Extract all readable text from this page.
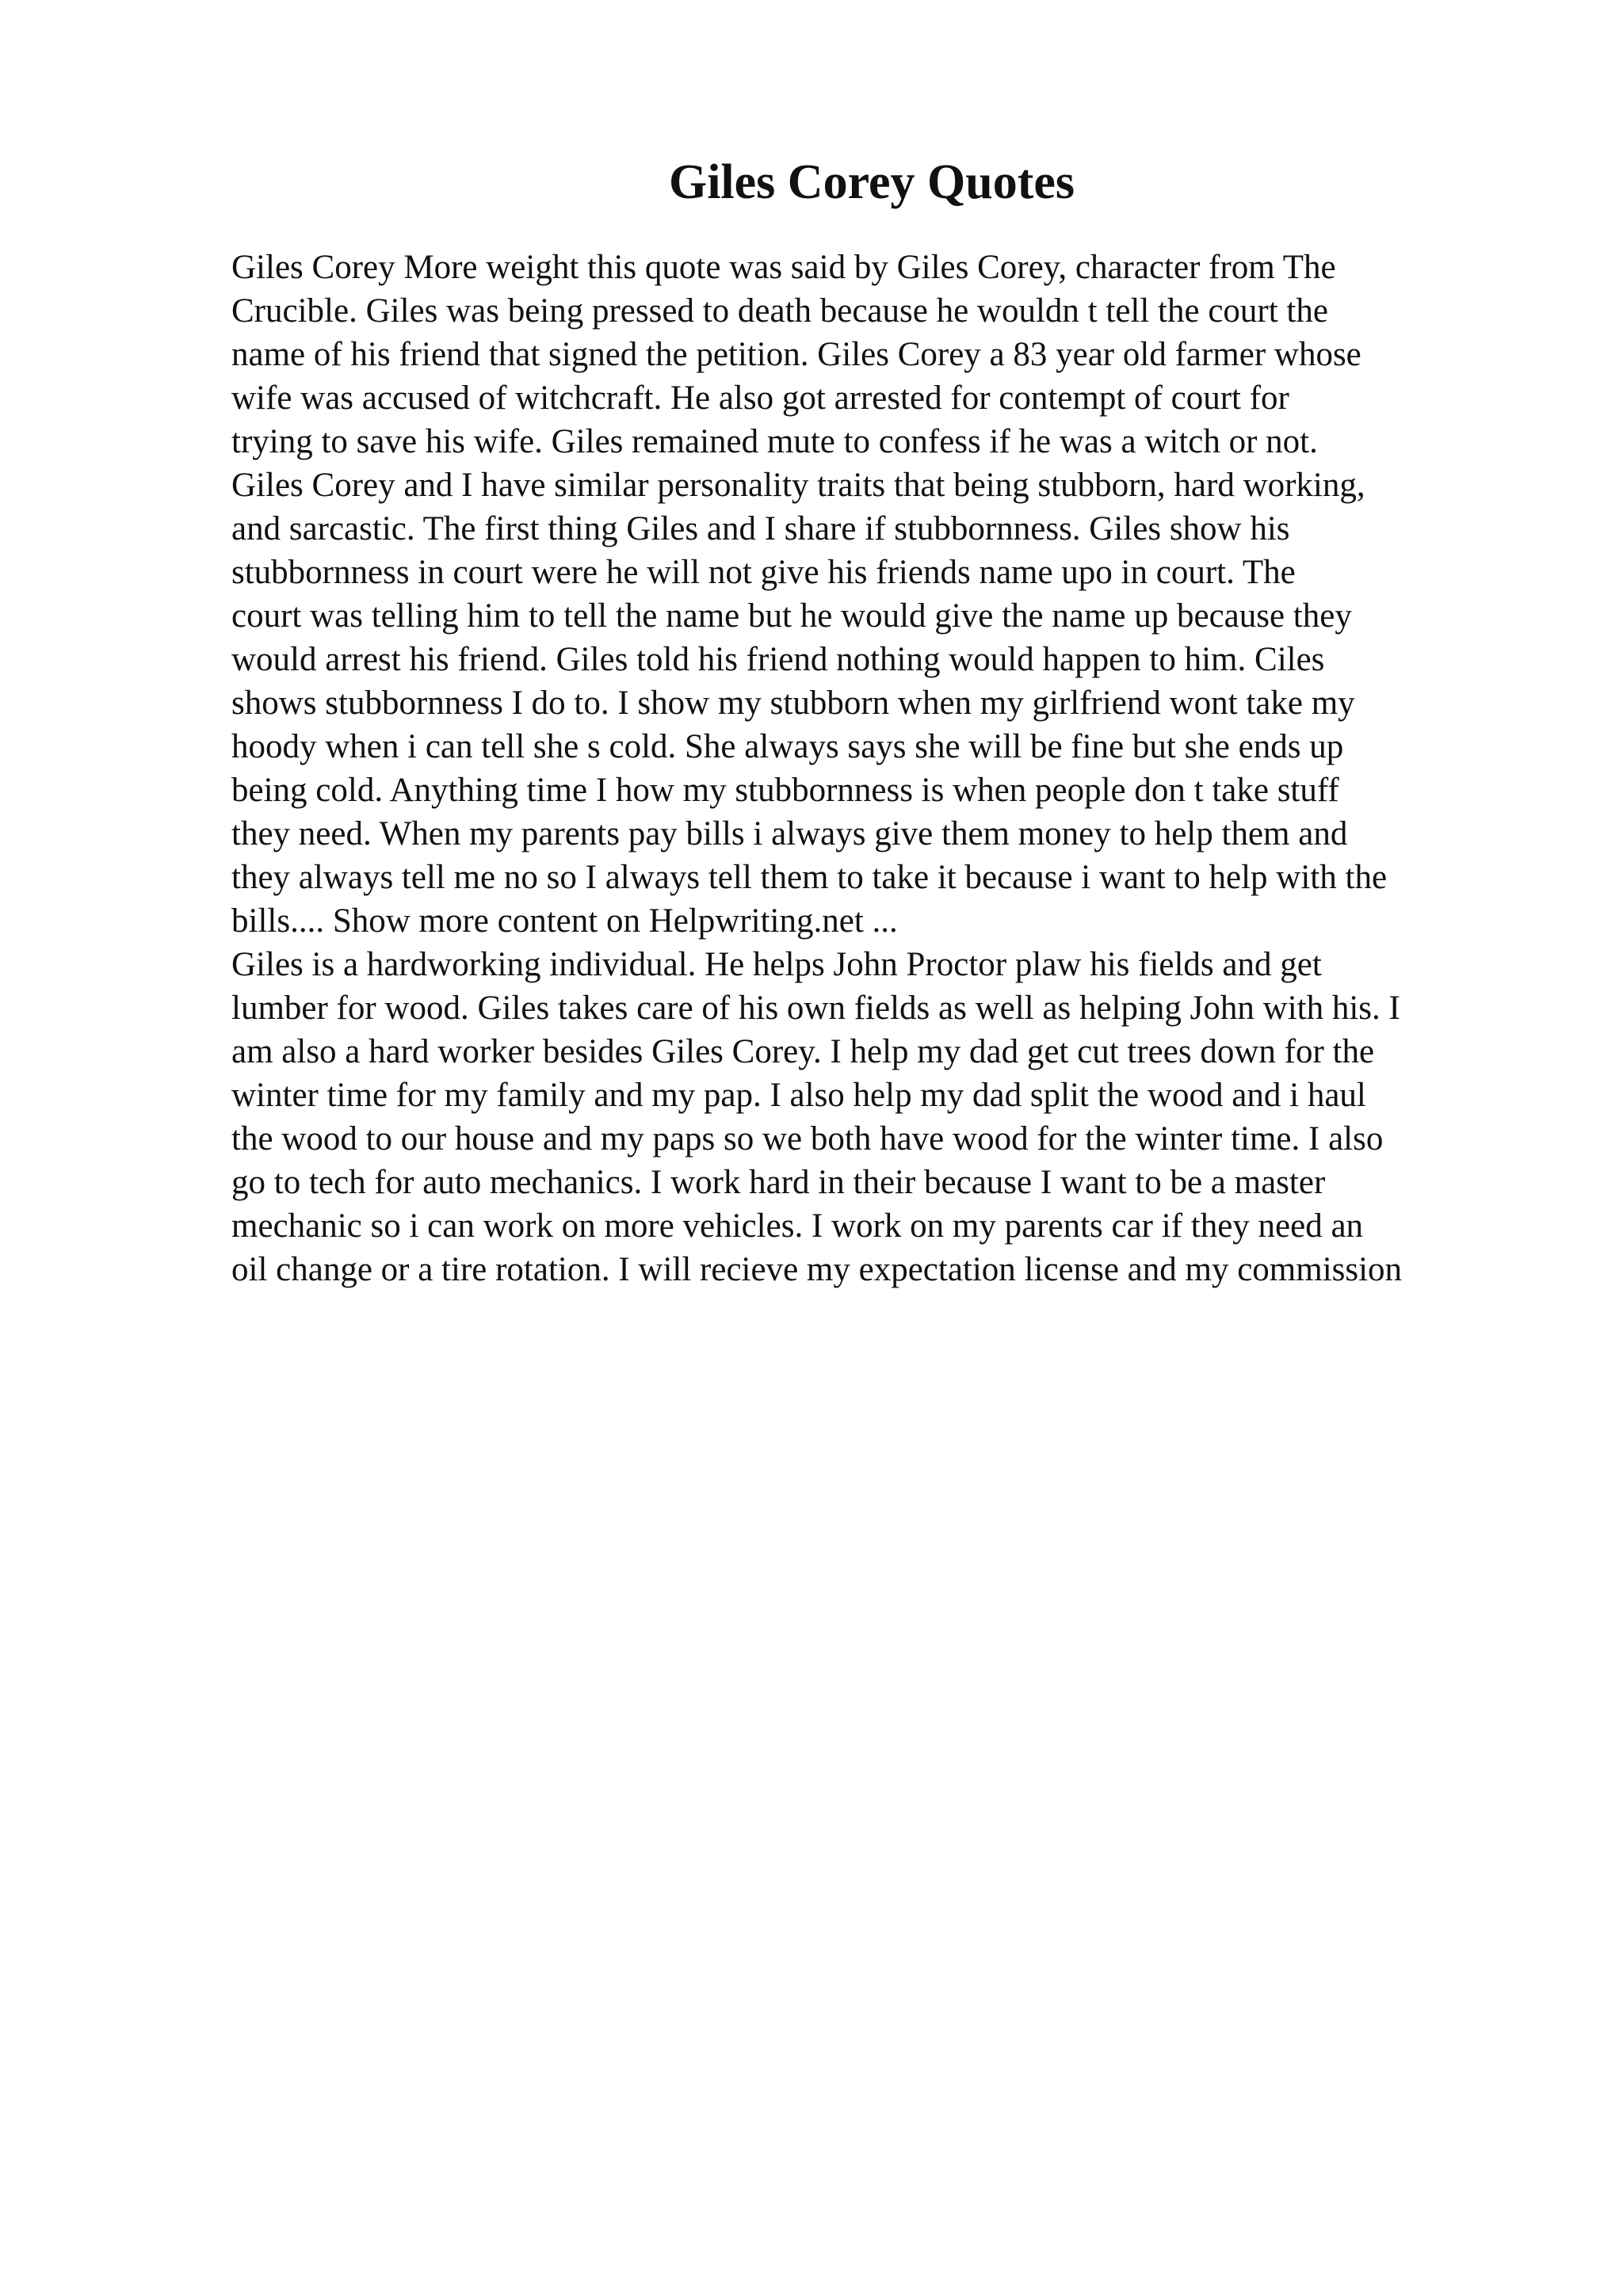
Giles Corey Quotes
Giles Corey More weight this quote was said by Giles Corey, character from The
Crucible. Giles was being pressed to death because he wouldn t tell the court the
name of his friend that signed the petition. Giles Corey a 83 year old farmer whose
wife was accused of witchcraft. He also got arrested for contempt of court for
trying to save his wife. Giles remained mute to confess if he was a witch or not.
Giles Corey and I have similar personality traits that being stubborn, hard working,
and sarcastic. The first thing Giles and I share if stubbornness. Giles show his
stubbornness in court were he will not give his friends name upo in court. The
court was telling him to tell the name but he would give the name up because they
would arrest his friend. Giles told his friend nothing would happen to him. Ciles
shows stubbornness I do to. I show my stubborn when my girlfriend wont take my
hoody when i can tell she s cold. She always says she will be fine but she ends up
being cold. Anything time I how my stubbornness is when people don t take stuff
they need. When my parents pay bills i always give them money to help them and
they always tell me no so I always tell them to take it because i want to help with the
bills.... Show more content on Helpwriting.net ...
Giles is a hardworking individual. He helps John Proctor plaw his fields and get
lumber for wood. Giles takes care of his own fields as well as helping John with his. I
am also a hard worker besides Giles Corey. I help my dad get cut trees down for the
winter time for my family and my pap. I also help my dad split the wood and i haul
the wood to our house and my paps so we both have wood for the winter time. I also
go to tech for auto mechanics. I work hard in their because I want to be a master
mechanic so i can work on more vehicles. I work on my parents car if they need an
oil change or a tire rotation. I will recieve my expectation license and my commission
